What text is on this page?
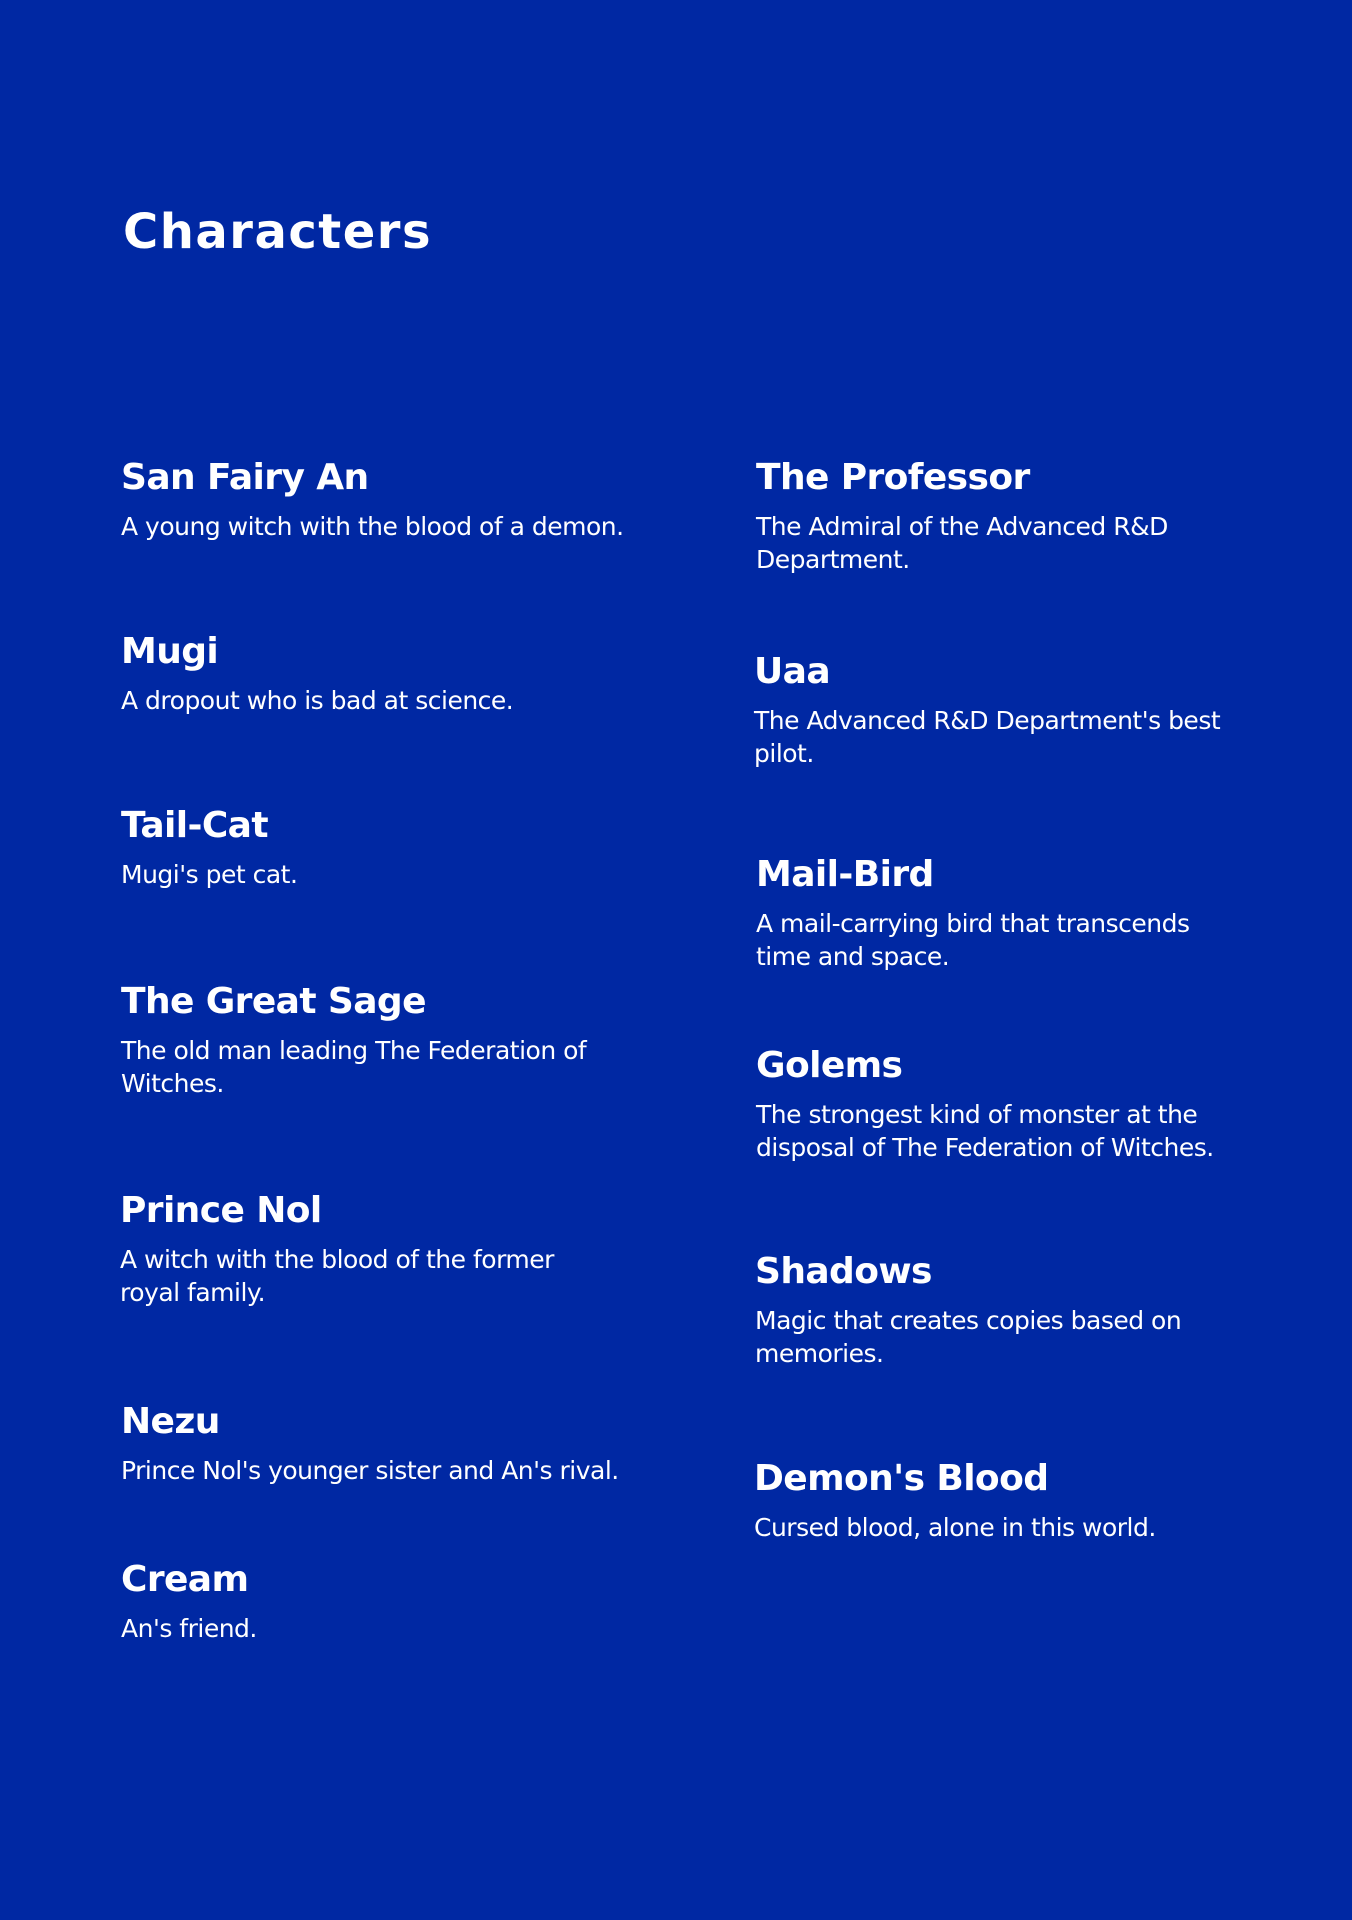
Characters
San Fairy An

A young witch with the blood of a demon.

Mugi

A dropout who is bad at science.

Tail-Cat

Mugi's pet cat.

The Great Sage

The old man leading The Federation of Witches.

Prince Nol

A witch with the blood of the former royal family.

Nezu

Prince Nol's younger sister and An's rival.

Cream

An's friend.

The Professor

The Admiral of the Advanced R&D Department.

Uaa

The Advanced R&D Department's best pilot.

Mail-Bird

A mail-carrying bird that transcends time and space.

Golems

The strongest kind of monster at the disposal of The Federation of Witches.

Shadows

Magic that creates copies based on memories.

Demon's Blood

Cursed blood, alone in this world.
